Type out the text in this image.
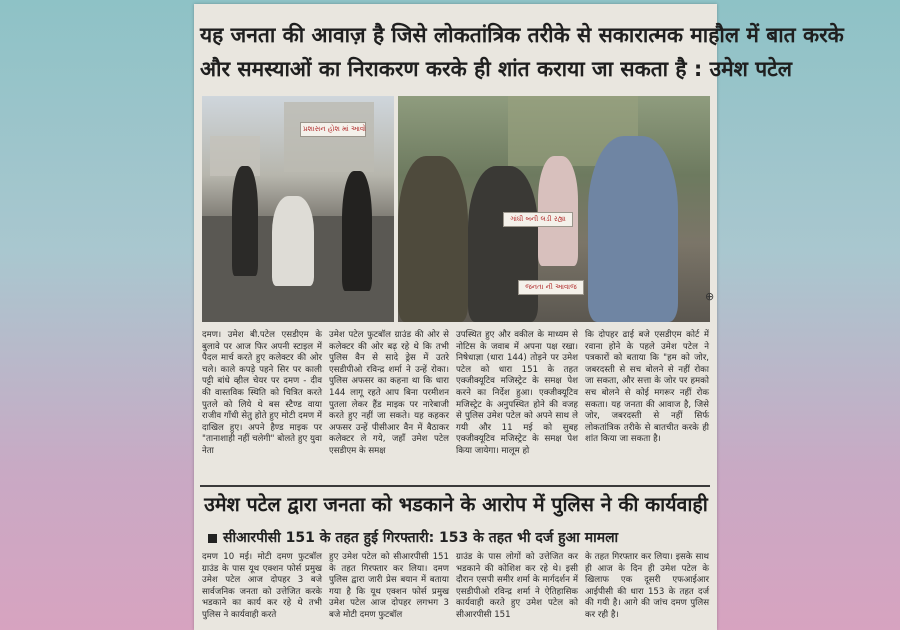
यह जनता की आवाज़ है जिसे लोकतांत्रिक तरीके से सकारात्मक माहौल में बात करके
और समस्याओं का निराकरण करके ही शांत कराया जा सकता है : उमेश पटेल
પ્રશાસન હોશ માં આવો
ગાંધી બની લડી રહ્યા
જનતા ની આવાજ
दमण। उमेश बी.पटेल एसडीएम के बुलावे पर आज फिर अपनी स्टाइल में पैदल मार्च करते हुए कलेक्टर की ओर चले। काले कपड़े पहने सिर पर काली पट्टी बांधे व्हील चेयर पर दमण - दीव की वास्तविक स्थिति को चित्रित करते पुतले को लिये थे बस स्टैण्ड वाया राजीव गाँधी सेतु होते हुए मोटी दमण में दाखिल हुए। अपने हैण्ड माइक पर "तानाशाही नहीं चलेगी" बोलते हुए युवा नेता
उमेश पटेल फुटबॉल ग्राउंड की ओर से कलेक्टर की ओर बढ़ रहे थे कि तभी पुलिस वैन से सादे ड्रेस में उतरे एसडीपीओ रविन्द्र शर्मा ने उन्हें रोका। पुलिस अफसर का कहना था कि धारा 144 लागू रहते आप बिना परमीशन पुतला लेकर हैंड माइक पर नारेबाजी करते हुए नहीं जा सकते। यह कहकर अफसर उन्हें पीसीआर वैन में बैठाकर कलेक्टर ले गये, जहाँ उमेश पटेल एसडीएम के समक्ष
उपस्थित हुए और वकील के माध्यम से नोटिस के जवाब में अपना पक्ष रखा। निषेधाज्ञा (धारा 144) तोड़ने पर उमेश पटेल को धारा 151 के तहत एक्जीक्यूटिव मजिस्ट्रेट के समक्ष पेश करने का निर्देश हुआ। एक्जीक्यूटिव मजिस्ट्रेट के अनुपस्थित होने की वजह से पुलिस उमेश पटेल को अपने साथ ले गयी और 11 मई को सुबह एक्जीक्यूटिव मजिस्ट्रेट के समक्ष पेश किया जायेगा। मालूम हो
कि दोपहर ढाई बजे एसडीएम कोर्ट में रवाना होने के पहले उमेश पटेल ने पत्रकारों को बताया कि "हम को जोर, जबरदस्ती से सच बोलने से नहीं रोका जा सकता, और सत्ता के जोर पर हमको सच बोलने से कोई मगरूर नहीं रोक सकता। यह जनता की आवाज है, जिसे जोर, जबरदस्ती से नहीं सिर्फ लोकतांत्रिक तरीके से बातचीत करके ही शांत किया जा सकता है।
उमेश पटेल द्वारा जनता को भडकाने के आरोप में पुलिस ने की कार्यवाही
सीआरपीसी 151 के तहत हुई गिरफ्तारी: 153 के तहत भी दर्ज हुआ मामला
दमण 10 मई। मोटी दमण फुटबॉल ग्राउंड के पास यूथ एक्शन फोर्स प्रमुख उमेश पटेल आज दोपहर 3 बजे सार्वजनिक जनता को उत्तेजित करके भडकाने का कार्य कर रहे थे तभी पुलिस ने कार्यवाही करते
हुए उमेश पटेल को सीआरपीसी 151 के तहत गिरफ्तार कर लिया। दमण पुलिस द्वारा जारी प्रेस बयान में बताया गया है कि यूथ एक्शन फोर्स प्रमुख उमेश पटेल आज दोपहर लगभग 3 बजे मोटी दमण फुटबॉल
ग्राउंड के पास लोगों को उत्तेजित कर भडकाने की कोशिश कर रहे थे। इसी दौरान एसपी समीर शर्मा के मार्गदर्शन में एसडीपीओ रविन्द्र शर्मा ने ऐतिहासिक कार्यवाही करते हुए उमेश पटेल को सीआरपीसी 151
के तहत गिरफ्तार कर लिया। इसके साथ ही आज के दिन ही उमेश पटेल के खिलाफ एक दूसरी एफआईआर आईपीसी की धारा 153 के तहत दर्ज की गयी है। आगे की जांच दमण पुलिस कर रही है।
⊕
